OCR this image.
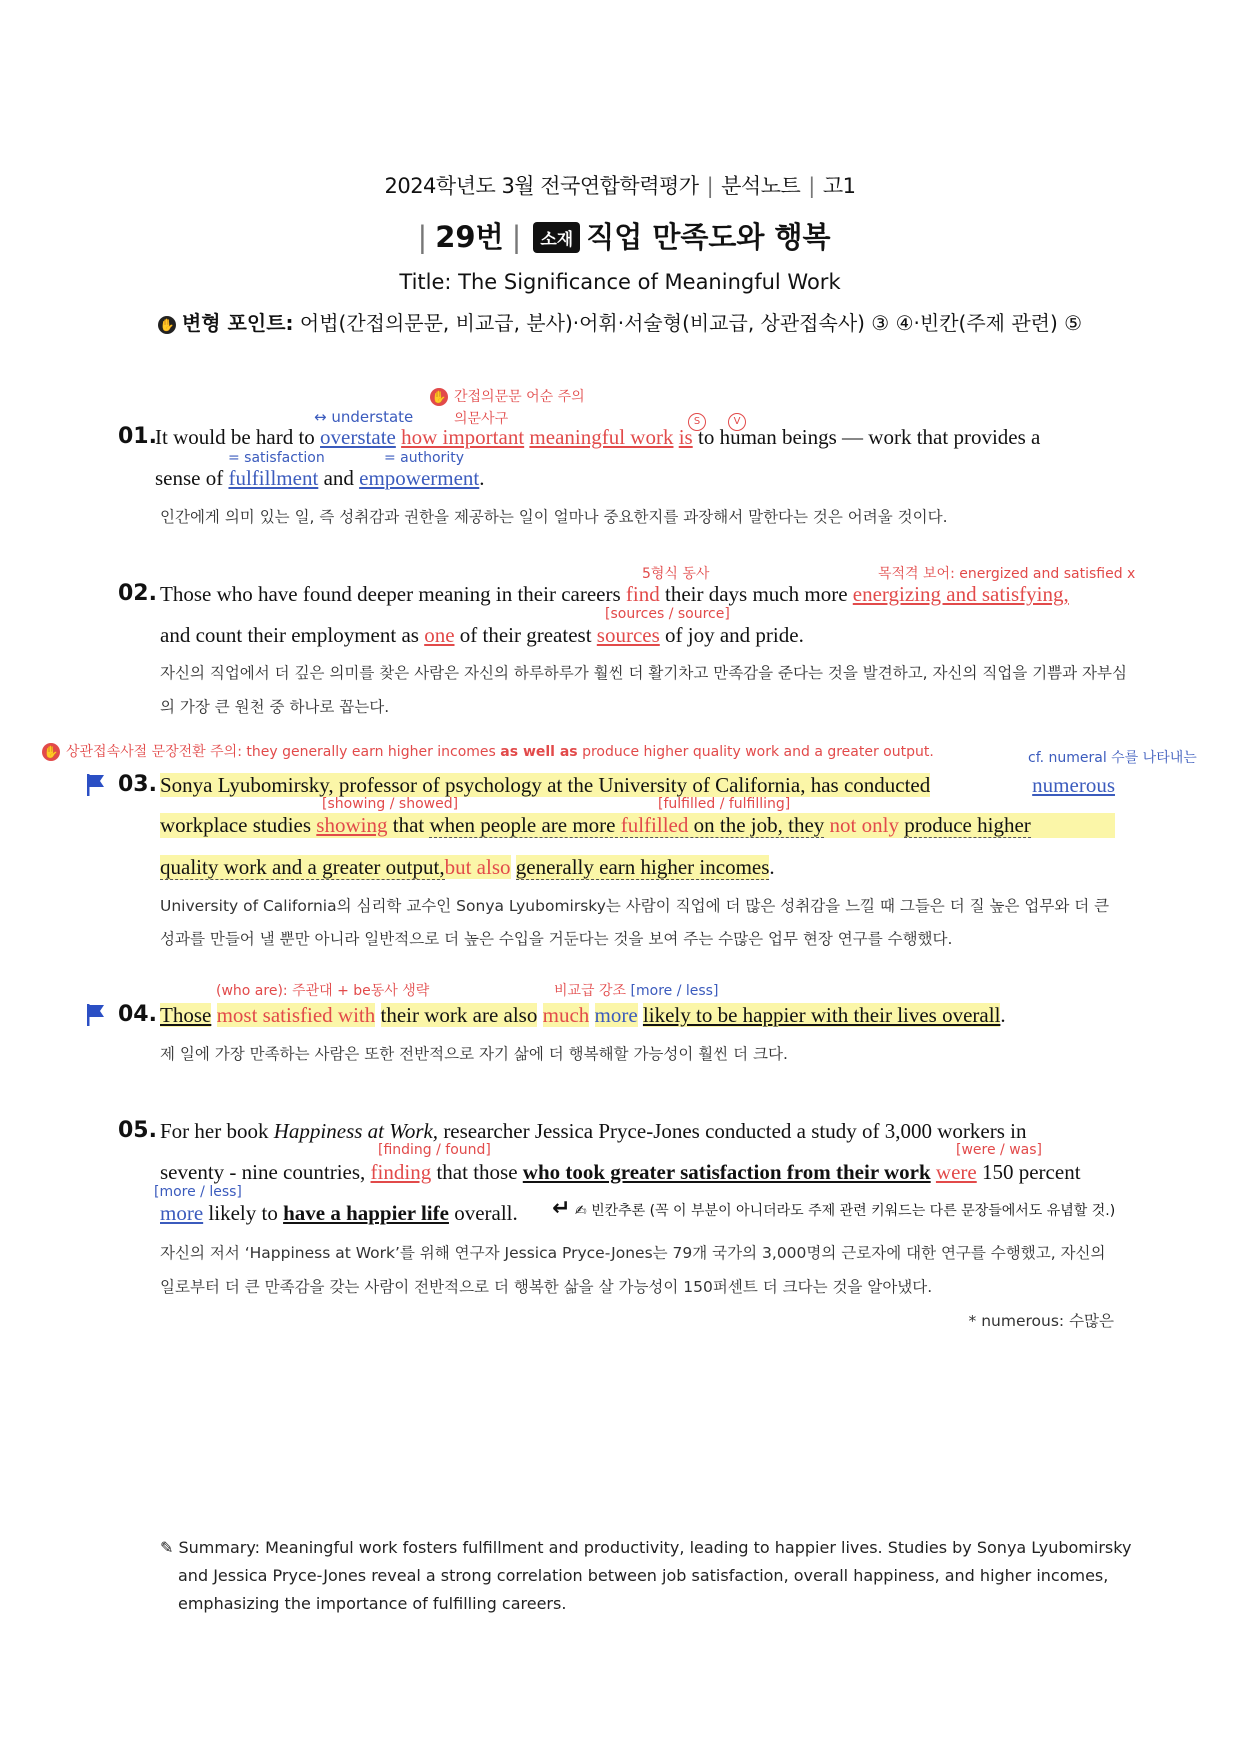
2024학년도 3월 전국연합학력평가 | 분석노트 | 고1
| 29번 | 소재 직업 만족도와 행복
Title: The Significance of Meaningful Work
✋ 변형 포인트: 어법(간접의문문, 비교급, 분사)·어휘·서술형(비교급, 상관접속사) ③ ④·빈칸(주제 관련) ⑤
✋ 간접의문문 어순 주의
↔ understate	의문사구	S	V
01.
It would be hard to overstate how important meaningful work is to human beings — work that provides a
= satisfaction	= authority
sense of fulfillment and empowerment.
인간에게 의미 있는 일, 즉 성취감과 권한을 제공하는 일이 얼마나 중요한지를 과장해서 말한다는 것은 어려울 것이다.
5형식 동사	목적격 보어: energized and satisfied x
02. Those who have found deeper meaning in their careers find their days much more energizing and satisfying,
[sources / source]
and count their employment as one of their greatest sources of joy and pride.
자신의 직업에서 더 깊은 의미를 찾은 사람은 자신의 하루하루가 훨씬 더 활기차고 만족감을 준다는 것을 발견하고, 자신의 직업을 기쁨과 자부심
의 가장 큰 원천 중 하나로 꼽는다.
✋ 상관접속사절 문장전환 주의: they generally earn higher incomes as well as produce higher quality work and a greater output.	cf. numeral 수를 나타내는
03. Sonya Lyubomirsky, professor of psychology at the University of California, has conducted	numerous
[showing / showed]	[fulfilled / fulfilling]
workplace studies showing that when people are more fulfilled on the job, they not only produce higher
quality work and a greater output,but also generally earn higher incomes.
University of California의 심리학 교수인 Sonya Lyubomirsky는 사람이 직업에 더 많은 성취감을 느낄 때 그들은 더 질 높은 업무와 더 큰
성과를 만들어 낼 뿐만 아니라 일반적으로 더 높은 수입을 거둔다는 것을 보여 주는 수많은 업무 현장 연구를 수행했다.
(who are): 주관대 + be동사 생략	비교급 강조 [more / less]
04. Those most satisfied with their work are also much more likely to be happier with their lives overall.
제 일에 가장 만족하는 사람은 또한 전반적으로 자기 삶에 더 행복해할 가능성이 훨씬 더 크다.
05. For her book Happiness at Work, researcher Jessica Pryce-Jones conducted a study of 3,000 workers in
[finding / found]	[were / was]
seventy - nine countries, finding that those who took greater satisfaction from their work were 150 percent
[more / less]
more likely to have a happier life overall. ↵ ✍ 빈칸추론 (꼭 이 부분이 아니더라도 주제 관련 키워드는 다른 문장들에서도 유념할 것.)
자신의 저서 ‘Happiness at Work’를 위해 연구자 Jessica Pryce-Jones는 79개 국가의 3,000명의 근로자에 대한 연구를 수행했고, 자신의
일로부터 더 큰 만족감을 갖는 사람이 전반적으로 더 행복한 삶을 살 가능성이 150퍼센트 더 크다는 것을 알아냈다.
* numerous: 수많은
✎ Summary: Meaningful work fosters fulfillment and productivity, leading to happier lives. Studies by Sonya Lyubomirsky
and Jessica Pryce-Jones reveal a strong correlation between job satisfaction, overall happiness, and higher incomes,
emphasizing the importance of fulfilling careers.
